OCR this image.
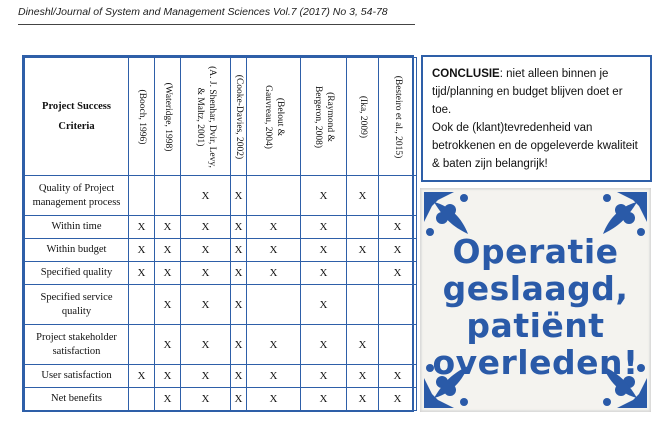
Dineshl/Journal of System and Management Sciences Vol.7 (2017) No 3, 54-78
Project Success Criteria	(Booch, 1996)	(Wateridge, 1998)	(A. J. Shenhar, Dvir, Levy, & Maltz, 2001)	(Cooke-Davies, 2002)	(Belout & Gauvreau, 2004)	(Raymond & Bergeron, 2008)	(Ika, 2009)	(Besteiro et al., 2015)

Quality of Project management process			X	X		X	X	
Within time	X	X	X	X	X	X		X
Within budget	X	X	X	X	X	X	X	X
Specified quality	X	X	X	X	X	X		X
Specified service quality		X	X	X		X		
Project stakeholder satisfaction		X	X	X	X	X	X	
User satisfaction	X	X	X	X	X	X	X	X
Net benefits		X	X	X	X	X	X	X
CONCLUSIE: niet alleen binnen je tijd/planning en budget blijven doet er toe.
Ook de (klant)tevredenheid van betrokkenen en de opgeleverde kwaliteit & baten zijn belangrijk!
Operatie
geslaagd,
patiënt
overleden!
